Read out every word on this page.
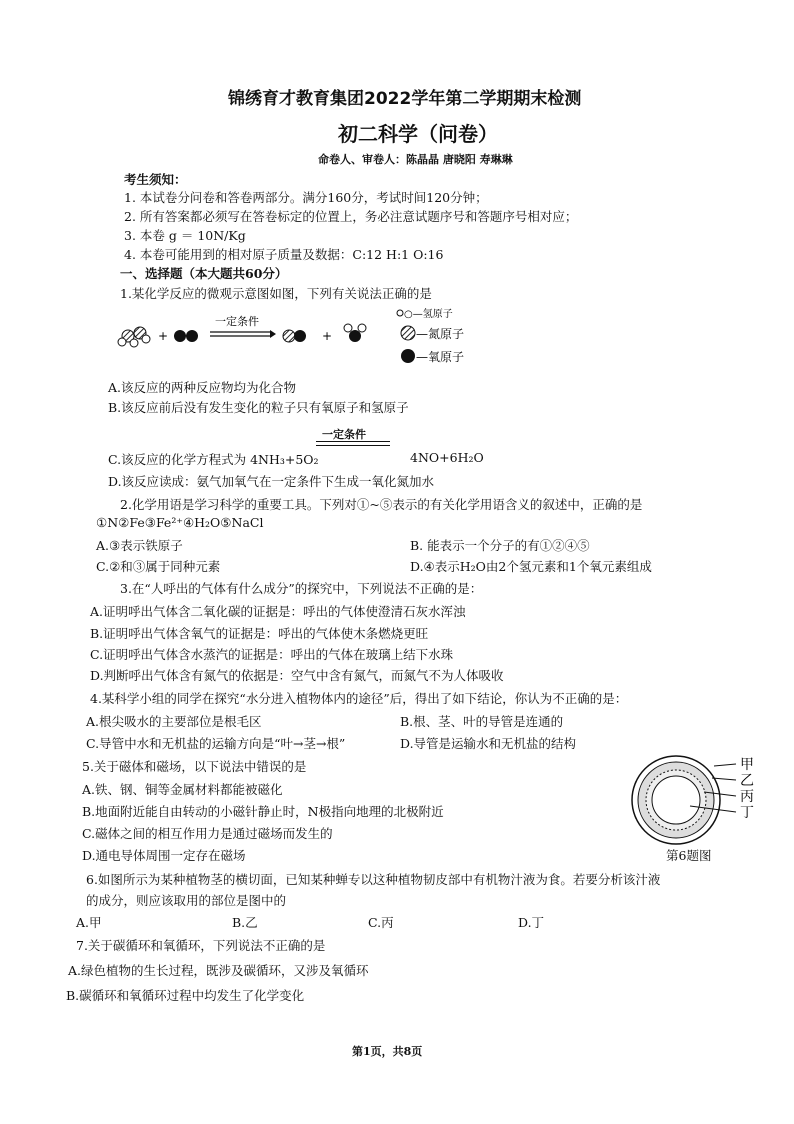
锦绣育才教育集团2022学年第二学期期末检测
初二科学（问卷）
命卷人、审卷人：陈晶晶 唐晓阳 寿琳琳
考生须知：
1. 本试卷分问卷和答卷两部分。满分160分，考试时间120分钟；
2. 所有答案都必须写在答卷标定的位置上，务必注意试题序号和答题序号相对应；
3. 本卷 g ＝ 10N/Kg
4. 本卷可能用到的相对原子质量及数据：C:12 H:1 O:16
一、选择题（本大题共60分）
1.某化学反应的微观示意图如图，下列有关说法正确的是
+
一定条件
+
○—氢原子
—氮原子
—氧原子
A.该反应的两种反应物均为化合物
B.该反应前后没有发生变化的粒子只有氧原子和氢原子
一定条件
C.该反应的化学方程式为 4NH₃+5O₂	4NO+6H₂O
D.该反应读成：氨气加氧气在一定条件下生成一氧化氮加水
2.化学用语是学习科学的重要工具。下列对①~⑤表示的有关化学用语含义的叙述中，正确的是
①N②Fe③Fe²⁺④H₂O⑤NaCl
A.③表示铁原子	B. 能表示一个分子的有①②④⑤
C.②和③属于同种元素	D.④表示H₂O由2个氢元素和1个氧元素组成
3.在“人呼出的气体有什么成分”的探究中，下列说法不正确的是：
A.证明呼出气体含二氧化碳的证据是：呼出的气体使澄清石灰水浑浊
B.证明呼出气体含氧气的证据是：呼出的气体使木条燃烧更旺
C.证明呼出气体含水蒸汽的证据是：呼出的气体在玻璃上结下水珠
D.判断呼出气体含有氮气的依据是：空气中含有氮气，而氮气不为人体吸收
4.某科学小组的同学在探究“水分进入植物体内的途径”后，得出了如下结论，你认为不正确的是：
A.根尖吸水的主要部位是根毛区	B.根、茎、叶的导管是连通的
C.导管中水和无机盐的运输方向是“叶→茎→根”	D.导管是运输水和无机盐的结构
5.关于磁体和磁场，以下说法中错误的是
A.铁、钢、铜等金属材料都能被磁化
B.地面附近能自由转动的小磁针静止时，N极指向地理的北极附近
C.磁体之间的相互作用力是通过磁场而发生的
D.通电导体周围一定存在磁场
甲
乙
丙
丁
第6题图
6.如图所示为某种植物茎的横切面，已知某种蝉专以这种植物韧皮部中有机物汁液为食。若要分析该汁液
的成分，则应该取用的部位是图中的
A.甲	B.乙	C.丙	D.丁
7.关于碳循环和氧循环，下列说法不正确的是
A.绿色植物的生长过程，既涉及碳循环，又涉及氧循环
B.碳循环和氧循环过程中均发生了化学变化
第1页，共8页
